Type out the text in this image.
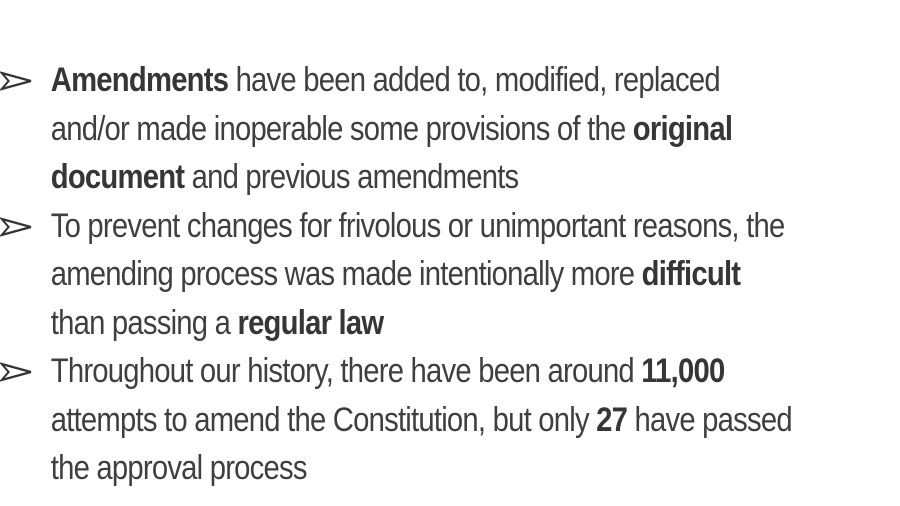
Amendments have been added to, modified, replaced and/or made inoperable some provisions of the original document and previous amendments
To prevent changes for frivolous or unimportant reasons, the amending process was made intentionally more difficult than passing a regular law
Throughout our history, there have been around 11,000 attempts to amend the Constitution, but only 27 have passed the approval process
